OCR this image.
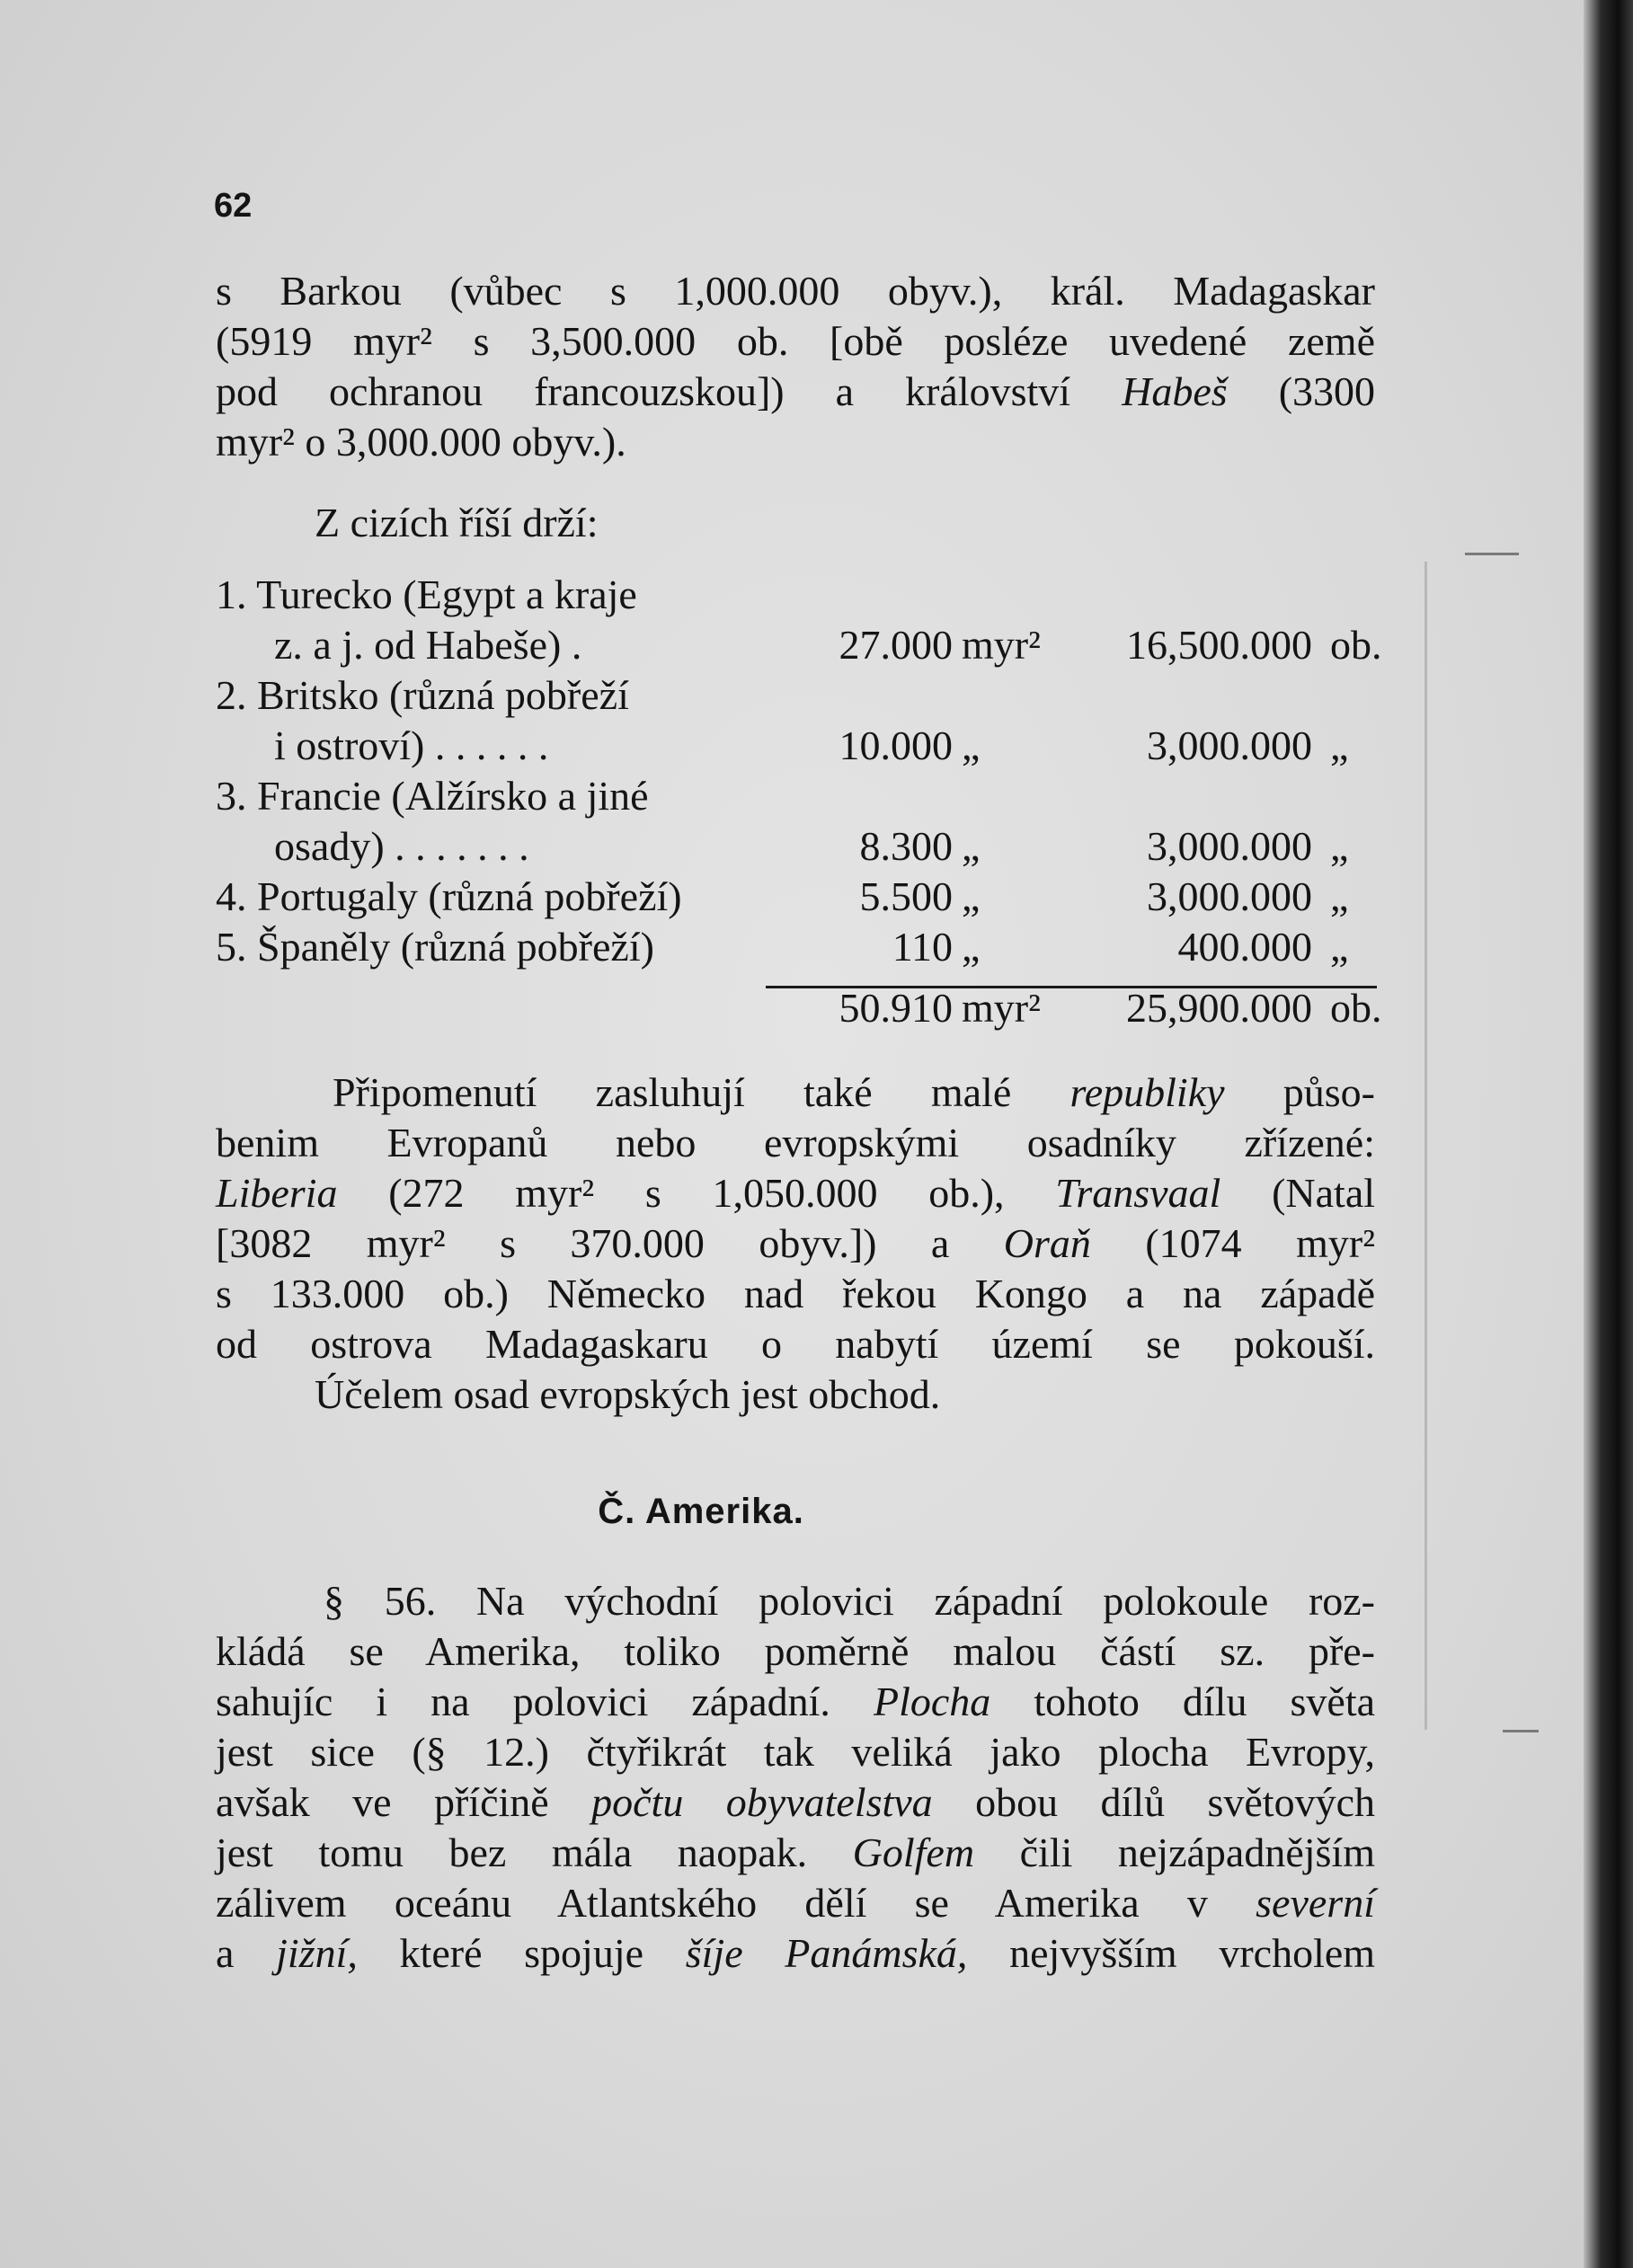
62
s Barkou (vůbec s 1,000.000 obyv.), král. Madagaskar
(5919 myr² s 3,500.000 ob. [obě posléze uvedené země
pod ochranou francouzskou]) a království Habeš (3300
myr² o 3,000.000 obyv.).
Z cizích říší drží:
1. Turecko (Egypt a kraje
z. a j. od Habeše) .	27.000 myr² 16,500.000 ob.
2. Britsko (různá pobřeží
i ostroví) . . . . . .	10.000 „	3,000.000 „
3. Francie (Alžírsko a jiné
osady) . . . . . . .	8.300 „	3,000.000 „
4. Portugaly (různá pobřeží)	5.500 „	3,000.000 „
5. Španěly (různá pobřeží)	110 „	400.000 „
50.910 myr² 25,900.000 ob.
Připomenutí zasluhují také malé republiky půso-
benim Evropanů nebo evropskými osadníky zřízené:
Liberia (272 myr² s 1,050.000 ob.), Transvaal (Natal
[3082 myr² s 370.000 obyv.]) a Oraň (1074 myr²
s 133.000 ob.) Německo nad řekou Kongo a na západě
od ostrova Madagaskaru o nabytí území se pokouší.
Účelem osad evropských jest obchod.
Č. Amerika.
§ 56. Na východní polovici západní polokoule roz-
kládá se Amerika, toliko poměrně malou částí sz. pře-
sahujíc i na polovici západní. Plocha tohoto dílu světa
jest sice (§ 12.) čtyřikrát tak veliká jako plocha Evropy,
avšak ve příčině počtu obyvatelstva obou dílů světových
jest tomu bez mála naopak. Golfem čili nejzápadnějším
zálivem oceánu Atlantského dělí se Amerika v severní
a jižní, které spojuje šíje Panámská, nejvyšším vrcholem
